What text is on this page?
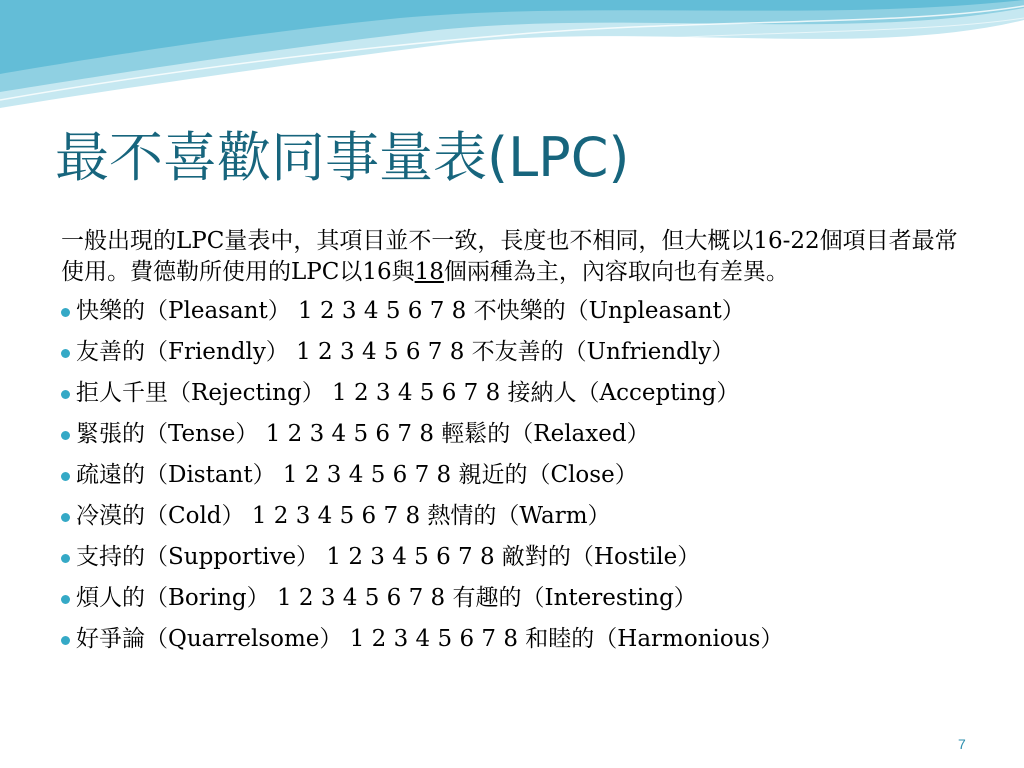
最不喜歡同事量表(LPC)

一般出現的LPC量表中，其項目並不一致，長度也不相同，但大概以16-22個項目者最常使用。費德勒所使用的LPC以16與18個兩種為主，內容取向也有差異。

快樂的（Pleasant） 1 2 3 4 5 6 7 8 不快樂的（Unpleasant）
友善的（Friendly） 1 2 3 4 5 6 7 8 不友善的（Unfriendly）
拒人千里（Rejecting） 1 2 3 4 5 6 7 8 接納人（Accepting）
緊張的（Tense） 1 2 3 4 5 6 7 8 輕鬆的（Relaxed）
疏遠的（Distant） 1 2 3 4 5 6 7 8 親近的（Close）
冷漠的（Cold） 1 2 3 4 5 6 7 8 熱情的（Warm）
支持的（Supportive） 1 2 3 4 5 6 7 8 敵對的（Hostile）
煩人的（Boring） 1 2 3 4 5 6 7 8 有趣的（Interesting）
好爭論（Quarrelsome） 1 2 3 4 5 6 7 8 和睦的（Harmonious）
7
